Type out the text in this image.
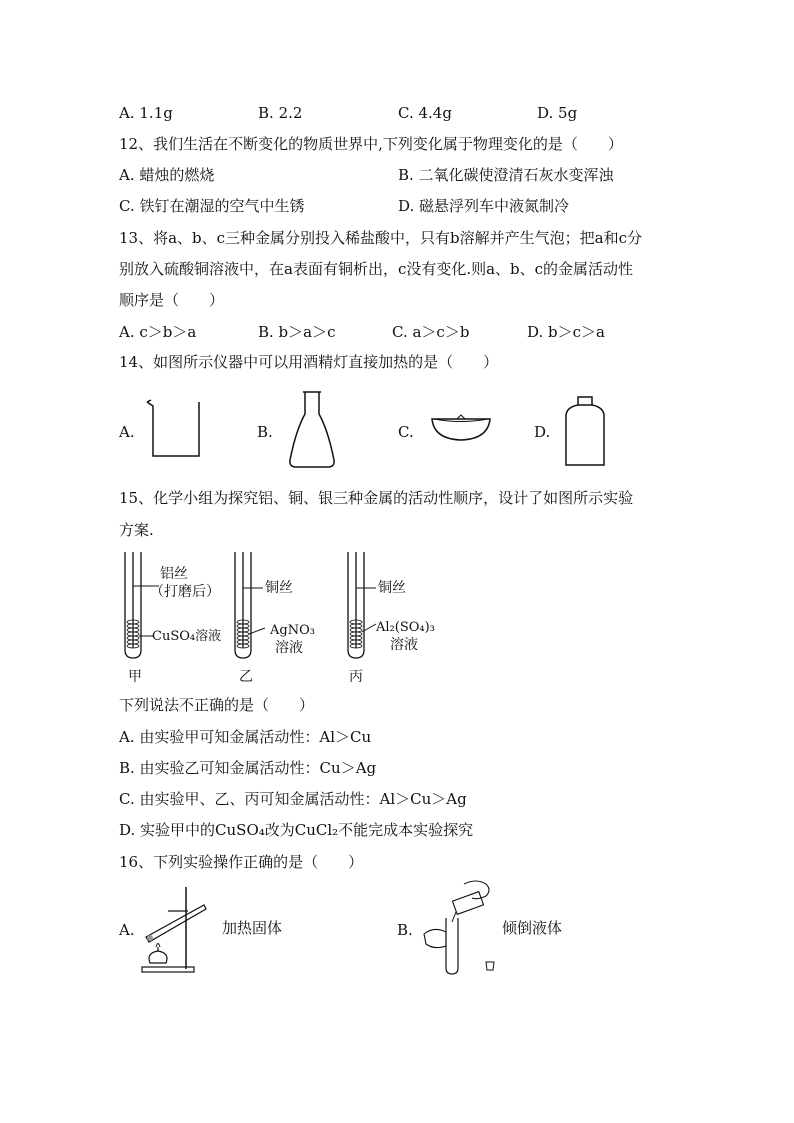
A. 1.1g	B. 2.2	C. 4.4g	D. 5g
12、我们生活在不断变化的物质世界中,下列变化属于物理变化的是（　　）
A. 蜡烛的燃烧	B. 二氧化碳使澄清石灰水变浑浊
C. 铁钉在潮湿的空气中生锈	D. 磁悬浮列车中液氮制冷
13、将a、b、c三种金属分别投入稀盐酸中，只有b溶解并产生气泡；把a和c分
别放入硫酸铜溶液中，在a表面有铜析出，c没有变化.则a、b、c的金属活动性
顺序是（　　）
A. c＞b＞a	B. b＞a＞c	C. a＞c＞b	D. b＞c＞a
14、如图所示仪器中可以用酒精灯直接加热的是（　　）
A.	B.	C.	D.
15、化学小组为探究铝、铜、银三种金属的活动性顺序，设计了如图所示实验
方案.
铝丝
（打磨后）
CuSO₄溶液
甲
铜丝
AgNO₃
溶液
乙
铜丝
Al₂(SO₄)₃
溶液
丙
下列说法不正确的是（　　）
A. 由实验甲可知金属活动性：Al＞Cu
B. 由实验乙可知金属活动性：Cu＞Ag
C. 由实验甲、乙、丙可知金属活动性：Al＞Cu＞Ag
D. 实验甲中的CuSO₄改为CuCl₂不能完成本实验探究
16、下列实验操作正确的是（　　）
A.	加热固体	B.	倾倒液体
